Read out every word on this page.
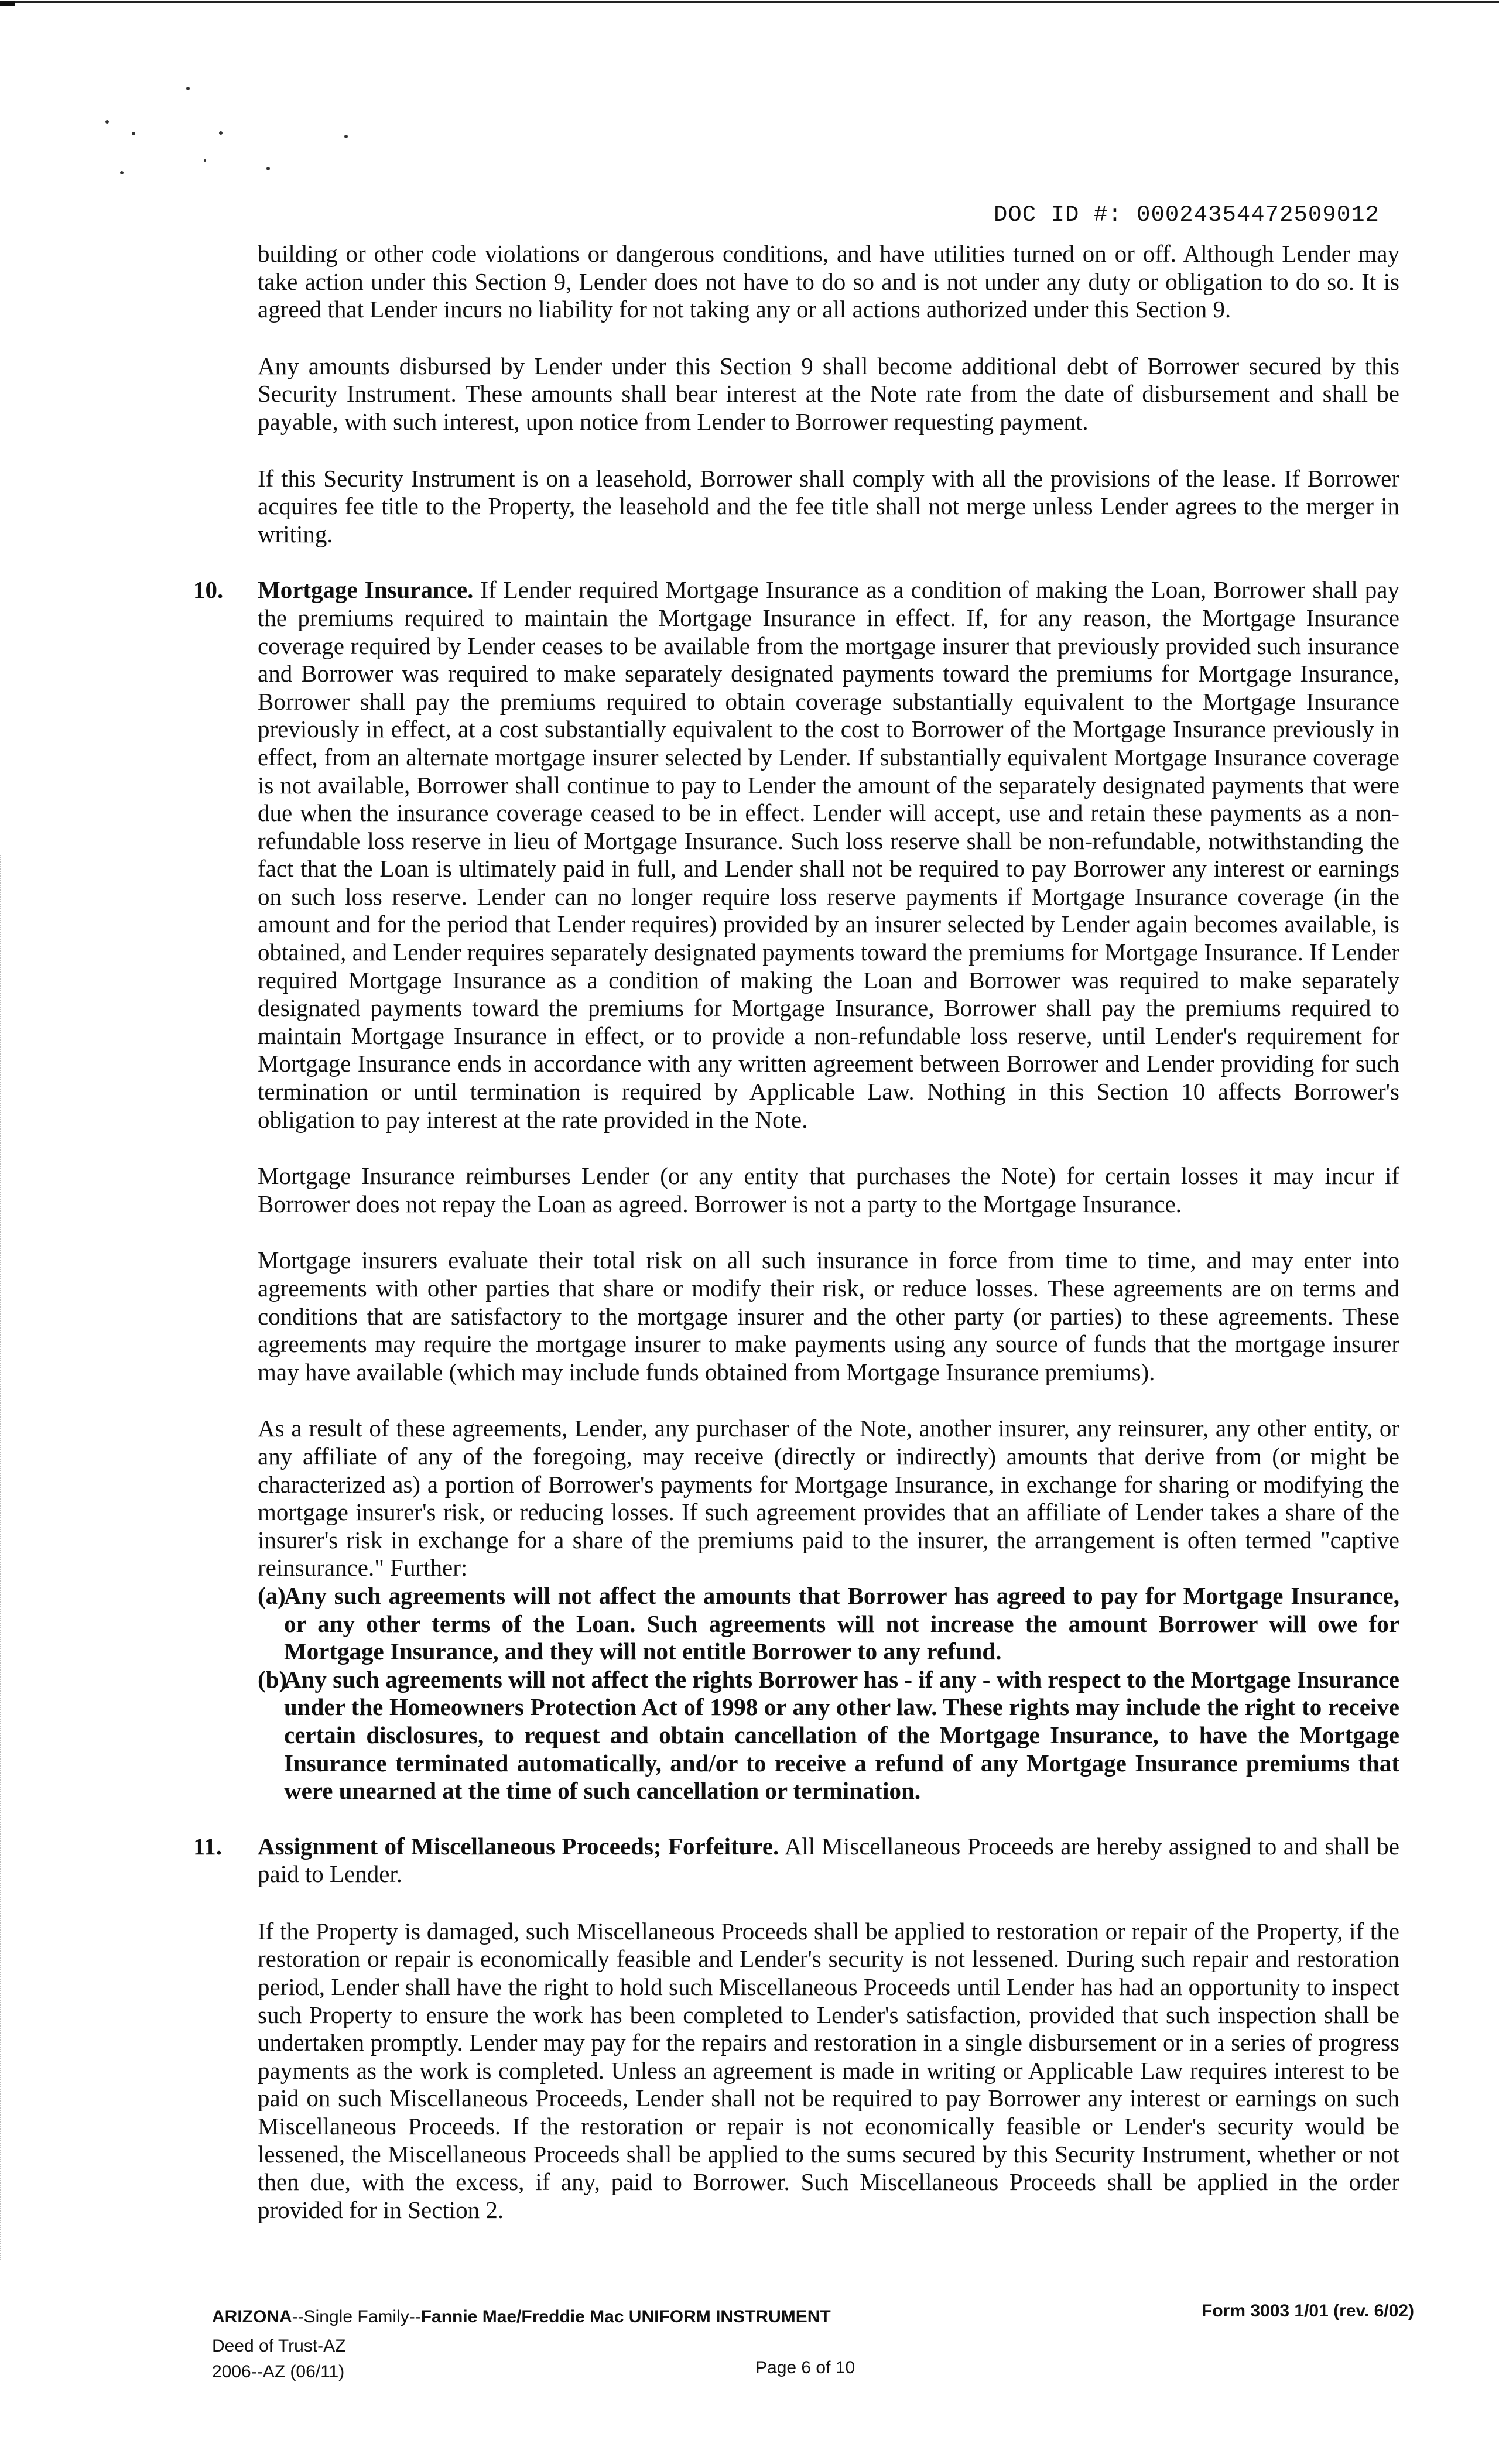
DOC ID #: 00024354472509012

building or other code violations or dangerous conditions, and have utilities turned on or off. Although Lender may take action under this Section 9, Lender does not have to do so and is not under any duty or obligation to do so. It is agreed that Lender incurs no liability for not taking any or all actions authorized under this Section 9.

Any amounts disbursed by Lender under this Section 9 shall become additional debt of Borrower secured by this Security Instrument. These amounts shall bear interest at the Note rate from the date of disbursement and shall be payable, with such interest, upon notice from Lender to Borrower requesting payment.

If this Security Instrument is on a leasehold, Borrower shall comply with all the provisions of the lease. If Borrower acquires fee title to the Property, the leasehold and the fee title shall not merge unless Lender agrees to the merger in writing.

10. Mortgage Insurance. If Lender required Mortgage Insurance as a condition of making the Loan, Borrower shall pay the premiums required to maintain the Mortgage Insurance in effect. If, for any reason, the Mortgage Insurance coverage required by Lender ceases to be available from the mortgage insurer that previously provided such insurance and Borrower was required to make separately designated payments toward the premiums for Mortgage Insurance, Borrower shall pay the premiums required to obtain coverage substantially equivalent to the Mortgage Insurance previously in effect, at a cost substantially equivalent to the cost to Borrower of the Mortgage Insurance previously in effect, from an alternate mortgage insurer selected by Lender. If substantially equivalent Mortgage Insurance coverage is not available, Borrower shall continue to pay to Lender the amount of the separately designated payments that were due when the insurance coverage ceased to be in effect. Lender will accept, use and retain these payments as a non-refundable loss reserve in lieu of Mortgage Insurance. Such loss reserve shall be non-refundable, notwithstanding the fact that the Loan is ultimately paid in full, and Lender shall not be required to pay Borrower any interest or earnings on such loss reserve. Lender can no longer require loss reserve payments if Mortgage Insurance coverage (in the amount and for the period that Lender requires) provided by an insurer selected by Lender again becomes available, is obtained, and Lender requires separately designated payments toward the premiums for Mortgage Insurance. If Lender required Mortgage Insurance as a condition of making the Loan and Borrower was required to make separately designated payments toward the premiums for Mortgage Insurance, Borrower shall pay the premiums required to maintain Mortgage Insurance in effect, or to provide a non-refundable loss reserve, until Lender's requirement for Mortgage Insurance ends in accordance with any written agreement between Borrower and Lender providing for such termination or until termination is required by Applicable Law. Nothing in this Section 10 affects Borrower's obligation to pay interest at the rate provided in the Note.

Mortgage Insurance reimburses Lender (or any entity that purchases the Note) for certain losses it may incur if Borrower does not repay the Loan as agreed. Borrower is not a party to the Mortgage Insurance.

Mortgage insurers evaluate their total risk on all such insurance in force from time to time, and may enter into agreements with other parties that share or modify their risk, or reduce losses. These agreements are on terms and conditions that are satisfactory to the mortgage insurer and the other party (or parties) to these agreements. These agreements may require the mortgage insurer to make payments using any source of funds that the mortgage insurer may have available (which may include funds obtained from Mortgage Insurance premiums).

As a result of these agreements, Lender, any purchaser of the Note, another insurer, any reinsurer, any other entity, or any affiliate of any of the foregoing, may receive (directly or indirectly) amounts that derive from (or might be characterized as) a portion of Borrower's payments for Mortgage Insurance, in exchange for sharing or modifying the mortgage insurer's risk, or reducing losses. If such agreement provides that an affiliate of Lender takes a share of the insurer's risk in exchange for a share of the premiums paid to the insurer, the arrangement is often termed "captive reinsurance." Further:

(a)
Any such agreements will not affect the amounts that Borrower has agreed to pay for Mortgage Insurance, or any other terms of the Loan. Such agreements will not increase the amount Borrower will owe for Mortgage Insurance, and they will not entitle Borrower to any refund.

(b)
Any such agreements will not affect the rights Borrower has - if any - with respect to the Mortgage Insurance under the Homeowners Protection Act of 1998 or any other law. These rights may include the right to receive certain disclosures, to request and obtain cancellation of the Mortgage Insurance, to have the Mortgage Insurance terminated automatically, and/or to receive a refund of any Mortgage Insurance premiums that were unearned at the time of such cancellation or termination.

11. Assignment of Miscellaneous Proceeds; Forfeiture. All Miscellaneous Proceeds are hereby assigned to and shall be paid to Lender.

If the Property is damaged, such Miscellaneous Proceeds shall be applied to restoration or repair of the Property, if the restoration or repair is economically feasible and Lender's security is not lessened. During such repair and restoration period, Lender shall have the right to hold such Miscellaneous Proceeds until Lender has had an opportunity to inspect such Property to ensure the work has been completed to Lender's satisfaction, provided that such inspection shall be undertaken promptly. Lender may pay for the repairs and restoration in a single disbursement or in a series of progress payments as the work is completed. Unless an agreement is made in writing or Applicable Law requires interest to be paid on such Miscellaneous Proceeds, Lender shall not be required to pay Borrower any interest or earnings on such Miscellaneous Proceeds. If the restoration or repair is not economically feasible or Lender's security would be lessened, the Miscellaneous Proceeds shall be applied to the sums secured by this Security Instrument, whether or not then due, with the excess, if any, paid to Borrower. Such Miscellaneous Proceeds shall be applied in the order provided for in Section 2.

ARIZONA--Single Family--Fannie Mae/Freddie Mac UNIFORM INSTRUMENT
Deed of Trust-AZ
2006--AZ (06/11)
Form 3003 1/01 (rev. 6/02)
Page 6 of 10
